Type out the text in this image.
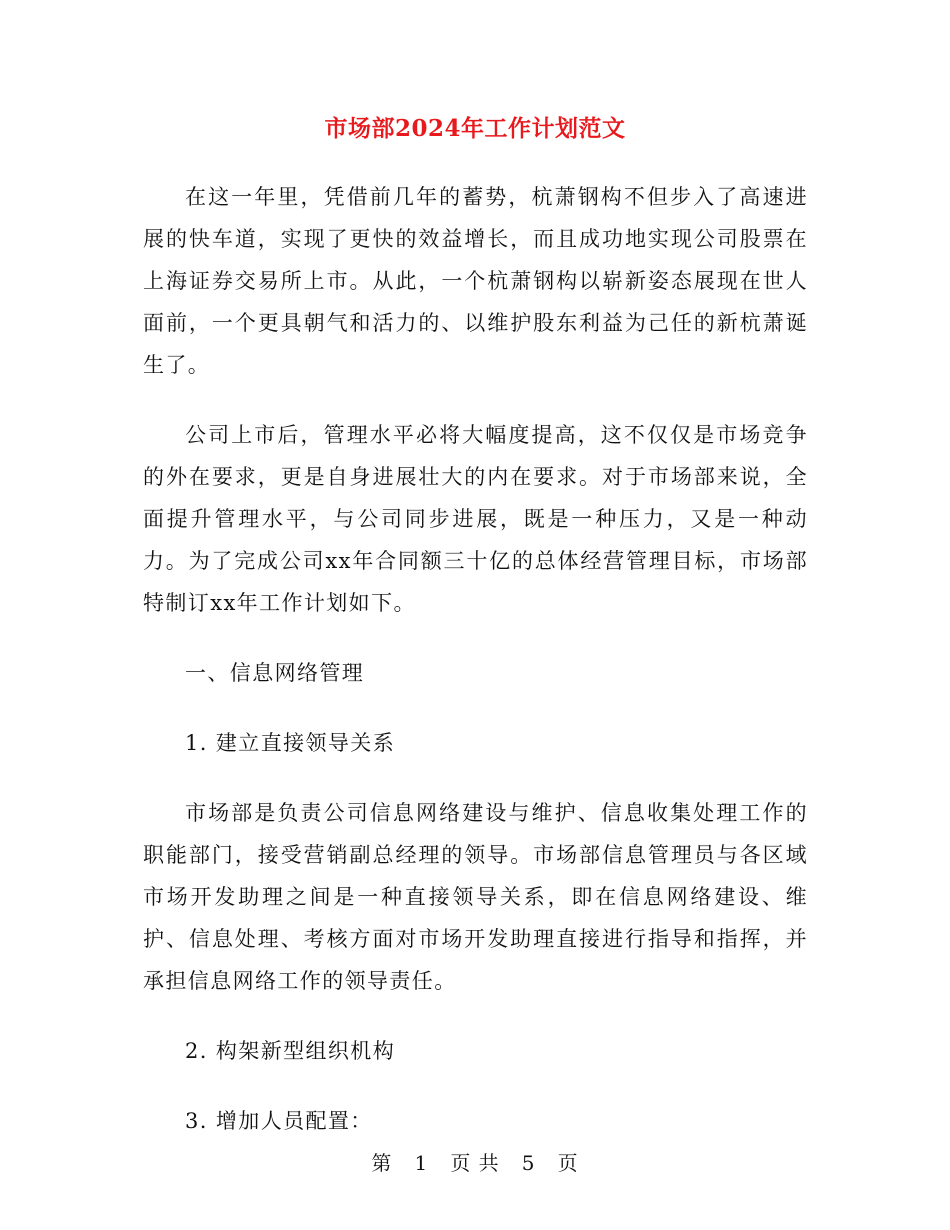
市场部2024年工作计划范文

在这一年里，凭借前几年的蓄势，杭萧钢构不但步入了高速进展的快车道，实现了更快的效益增长，而且成功地实现公司股票在上海证券交易所上市。从此，一个杭萧钢构以崭新姿态展现在世人面前，一个更具朝气和活力的、以维护股东利益为己任的新杭萧诞生了。

公司上市后，管理水平必将大幅度提高，这不仅仅是市场竞争的外在要求，更是自身进展壮大的内在要求。对于市场部来说，全面提升管理水平，与公司同步进展，既是一种压力，又是一种动力。为了完成公司xx年合同额三十亿的总体经营管理目标，市场部特制订xx年工作计划如下。

一、信息网络管理

1. 建立直接领导关系

市场部是负责公司信息网络建设与维护、信息收集处理工作的职能部门，接受营销副总经理的领导。市场部信息管理员与各区域市场开发助理之间是一种直接领导关系，即在信息网络建设、维护、信息处理、考核方面对市场开发助理直接进行指导和指挥，并承担信息网络工作的领导责任。

2. 构架新型组织机构

3. 增加人员配置：

第 1 页 共 5 页
